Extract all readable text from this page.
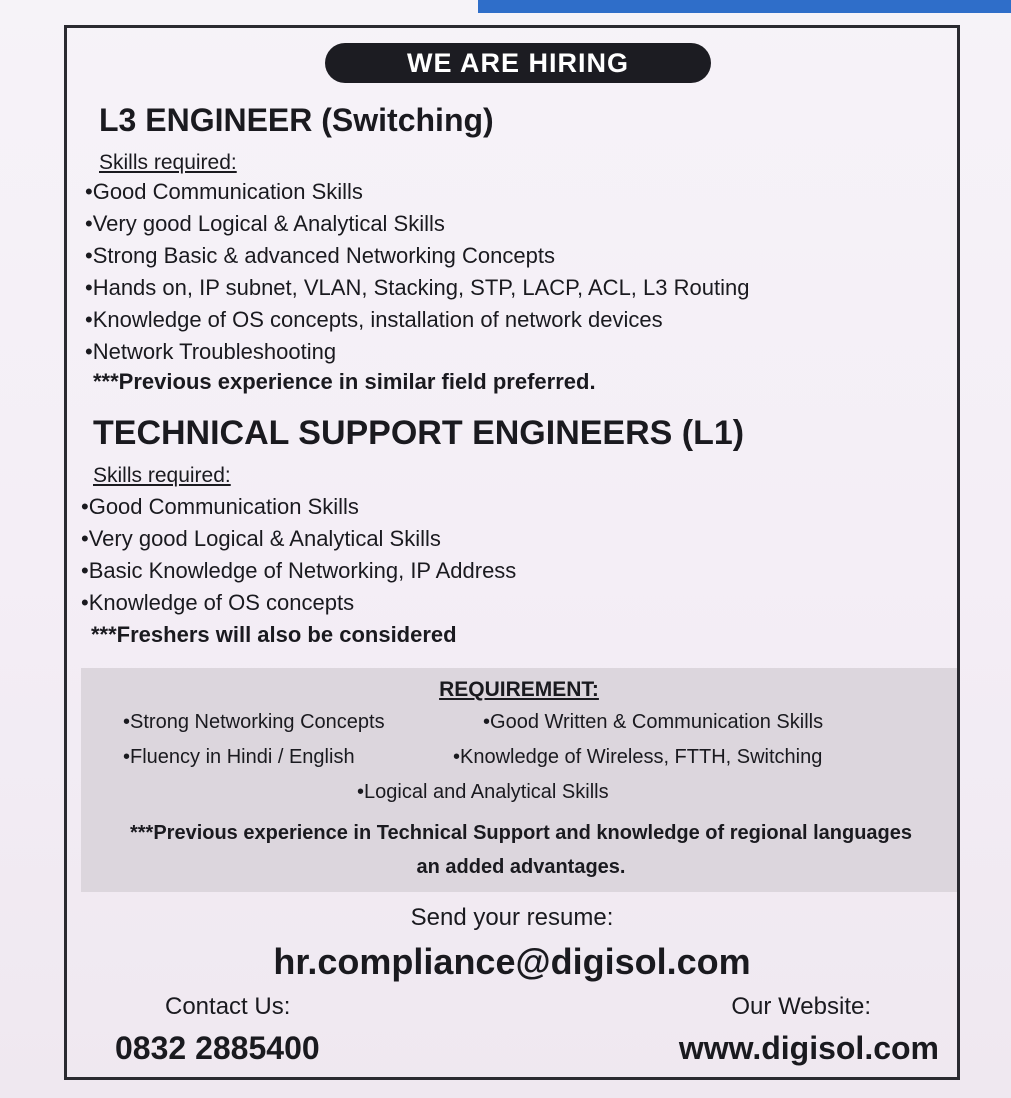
WE ARE HIRING
L3 ENGINEER (Switching)
Skills required:
• Good Communication Skills
• Very good Logical & Analytical Skills
• Strong Basic & advanced Networking Concepts
• Hands on, IP subnet, VLAN, Stacking, STP, LACP, ACL, L3 Routing
• Knowledge of OS concepts, installation of network devices
• Network Troubleshooting
***Previous experience in similar field preferred.
TECHNICAL SUPPORT ENGINEERS (L1)
Skills required:
• Good Communication Skills
• Very good Logical & Analytical Skills
• Basic Knowledge of Networking, IP Address
• Knowledge of OS concepts
***Freshers will also be considered
REQUIREMENT:
• Strong Networking Concepts	• Good Written & Communication Skills
• Fluency in Hindi / English	• Knowledge of Wireless, FTTH, Switching
• Logical and Analytical Skills
***Previous experience in Technical Support and knowledge of regional languages an added advantages.
Send your resume:
hr.compliance@digisol.com
Contact Us:
0832 2885400
Our Website:
www.digisol.com
